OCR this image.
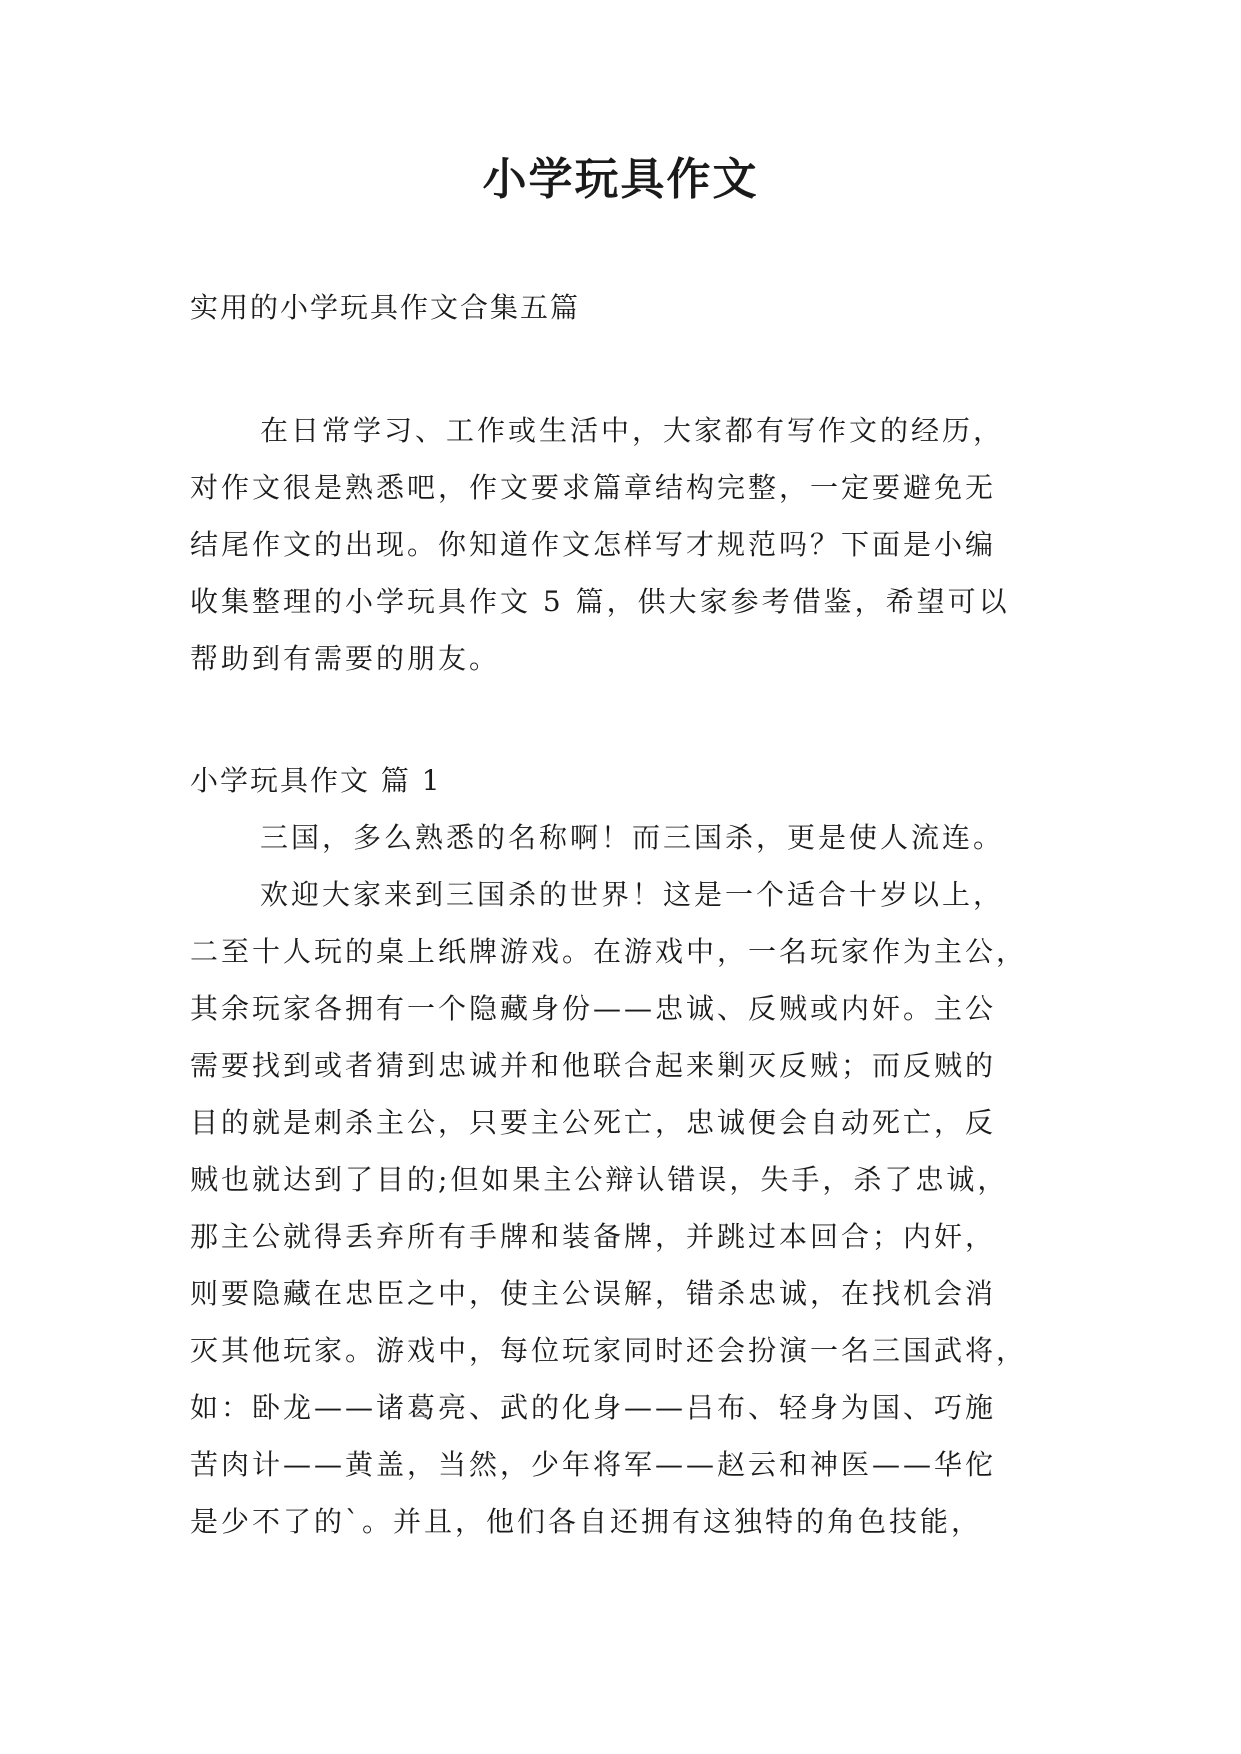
小学玩具作文
实用的小学玩具作文合集五篇
在日常学习、工作或生活中，大家都有写作文的经历，
对作文很是熟悉吧，作文要求篇章结构完整，一定要避免无
结尾作文的出现。你知道作文怎样写才规范吗？下面是小编
收集整理的小学玩具作文 5 篇，供大家参考借鉴，希望可以
帮助到有需要的朋友。
小学玩具作文 篇 1
三国，多么熟悉的名称啊！而三国杀，更是使人流连。
欢迎大家来到三国杀的世界！这是一个适合十岁以上，
二至十人玩的桌上纸牌游戏。在游戏中，一名玩家作为主公，
其余玩家各拥有一个隐藏身份——忠诚、反贼或内奸。主公
需要找到或者猜到忠诚并和他联合起来剿灭反贼；而反贼的
目的就是刺杀主公，只要主公死亡，忠诚便会自动死亡，反
贼也就达到了目的;但如果主公辩认错误，失手，杀了忠诚，
那主公就得丢弃所有手牌和装备牌，并跳过本回合；内奸，
则要隐藏在忠臣之中，使主公误解，错杀忠诚，在找机会消
灭其他玩家。游戏中，每位玩家同时还会扮演一名三国武将，
如：卧龙——诸葛亮、武的化身——吕布、轻身为国、巧施
苦肉计——黄盖，当然，少年将军——赵云和神医——华佗
是少不了的`。并且，他们各自还拥有这独特的角色技能，
